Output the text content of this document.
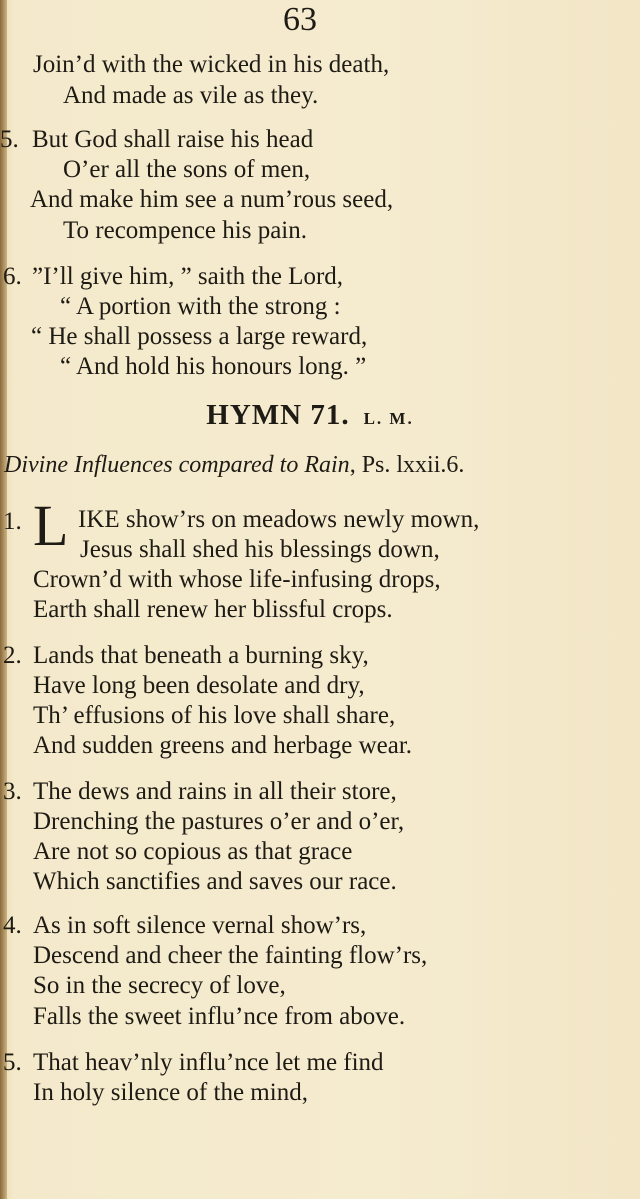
63
Join’d with the wicked in his death,
And made as vile as they.
5. But God shall raise his head
O’er all the sons of men,
And make him see a num’rous seed,
To recompence his pain.
6. ”I’ll give him, ” saith the Lord,
“ A portion with the strong :
“ He shall possess a large reward,
“ And hold his honours long. ”
HYMN 71. L. M.
Divine Influences compared to Rain, Ps. lxxii.6.
1. L IKE show’rs on meadows newly mown,
Jesus shall shed his blessings down,
Crown’d with whose life-infusing drops,
Earth shall renew her blissful crops.
2. Lands that beneath a burning sky,
Have long been desolate and dry,
Th’ effusions of his love shall share,
And sudden greens and herbage wear.
3. The dews and rains in all their store,
Drenching the pastures o’er and o’er,
Are not so copious as that grace
Which sanctifies and saves our race.
4. As in soft silence vernal show’rs,
Descend and cheer the fainting flow’rs,
So in the secrecy of love,
Falls the sweet influ’nce from above.
5. That heav’nly influ’nce let me find
In holy silence of the mind,
